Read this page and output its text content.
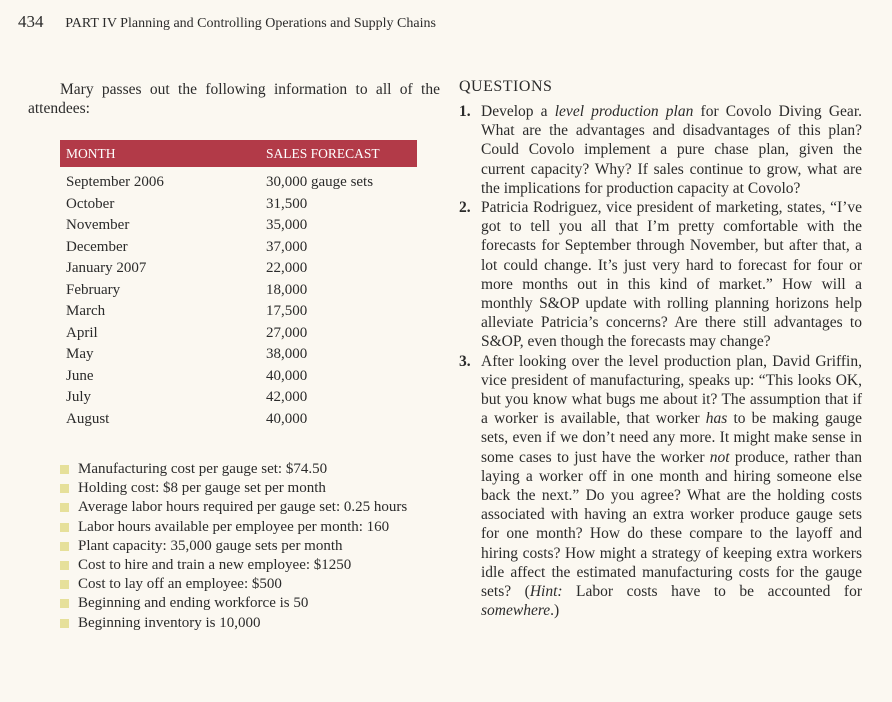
434 PART IV Planning and Controlling Operations and Supply Chains

Mary passes out the following information to all of the attendees:

MONTH	SALES FORECAST
September 2006	30,000 gauge sets
October	31,500
November	35,000
December	37,000
January 2007	22,000
February	18,000
March	17,500
April	27,000
May	38,000
June	40,000
July	42,000
August	40,000
Manufacturing cost per gauge set: $74.50
Holding cost: $8 per gauge set per month
Average labor hours required per gauge set: 0.25 hours
Labor hours available per employee per month: 160
Plant capacity: 35,000 gauge sets per month
Cost to hire and train a new employee: $1250
Cost to lay off an employee: $500
Beginning and ending workforce is 50
Beginning inventory is 10,000
QUESTIONS
1. Develop a level production plan for Covolo Diving Gear. What are the advantages and disadvantages of this plan? Could Covolo implement a pure chase plan, given the current capacity? Why? If sales continue to grow, what are the implications for production capacity at Covolo?
2. Patricia Rodriguez, vice president of marketing, states, “I’ve got to tell you all that I’m pretty comfortable with the forecasts for September through November, but after that, a lot could change. It’s just very hard to forecast for four or more months out in this kind of market.” How will a monthly S&OP update with rolling planning horizons help alleviate Patricia’s concerns? Are there still advantages to S&OP, even though the forecasts may change?
3. After looking over the level production plan, David Griffin, vice president of manufacturing, speaks up: “This looks OK, but you know what bugs me about it? The assumption that if a worker is available, that worker has to be making gauge sets, even if we don’t need any more. It might make sense in some cases to just have the worker not produce, rather than laying a worker off in one month and hiring someone else back the next.” Do you agree? What are the holding costs associated with having an extra worker produce gauge sets for one month? How do these compare to the layoff and hiring costs? How might a strategy of keeping extra workers idle affect the estimated manufacturing costs for the gauge sets? (Hint: Labor costs have to be accounted for somewhere.)
